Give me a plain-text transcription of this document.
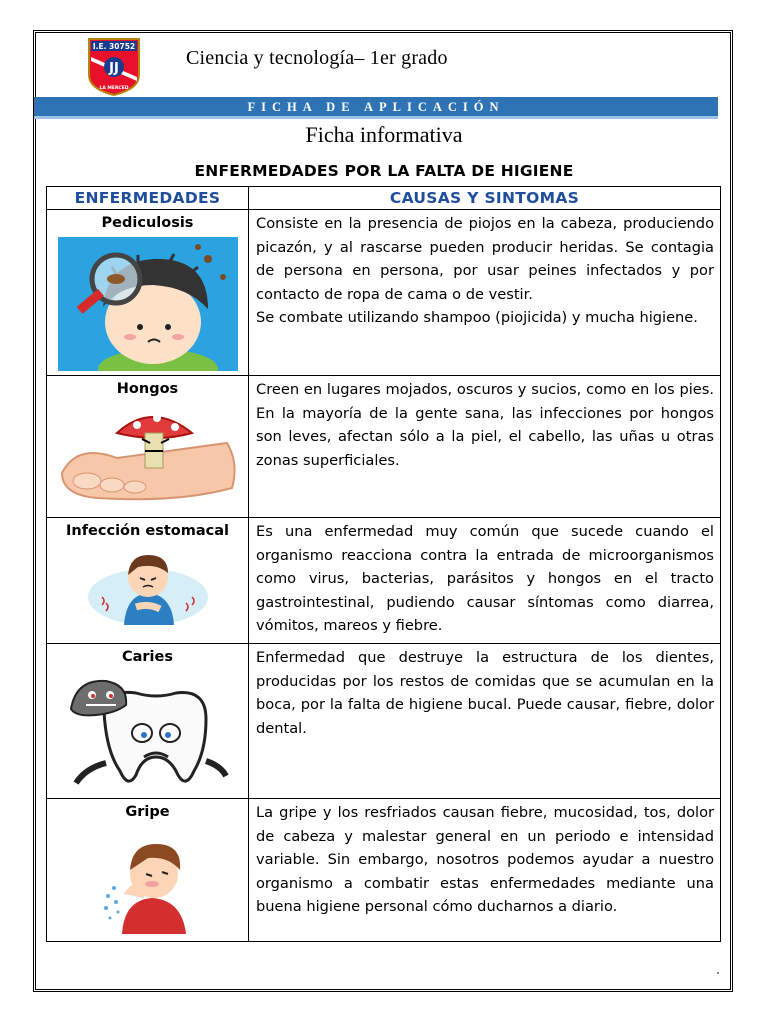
I.E. 30752
JJ
LA MERCED
Ciencia y tecnología– 1er grado
FICHA DE APLICACIÓN
Ficha informativa
ENFERMEDADES POR LA FALTA DE HIGIENE
ENFERMEDADES	CAUSAS Y SINTOMAS

Pediculosis	Consiste en la presencia de piojos en la cabeza, produciendo picazón, y al rascarse pueden producir heridas. Se contagia de persona en persona, por usar peines infectados y por contacto de ropa de cama o de vestir.
Se combate utilizando shampoo (piojicida) y mucha higiene.

Hongos	Creen en lugares mojados, oscuros y sucios, como en los pies. En la mayoría de la gente sana, las infecciones por hongos son leves, afectan sólo a la piel, el cabello, las uñas u otras zonas superficiales.

Infección estomacal	Es una enfermedad muy común que sucede cuando el organismo reacciona contra la entrada de microorganismos como virus, bacterias, parásitos y hongos en el tracto gastrointestinal, pudiendo causar síntomas como diarrea, vómitos, mareos y fiebre.

Caries	Enfermedad que destruye la estructura de los dientes, producidas por los restos de comidas que se acumulan en la boca, por la falta de higiene bucal. Puede causar, fiebre, dolor dental.

Gripe	La gripe y los resfriados causan fiebre, mucosidad, tos, dolor de cabeza y malestar general en un periodo e intensidad variable. Sin embargo, nosotros podemos ayudar a nuestro organismo a combatir estas enfermedades mediante una buena higiene personal cómo ducharnos a diario.
